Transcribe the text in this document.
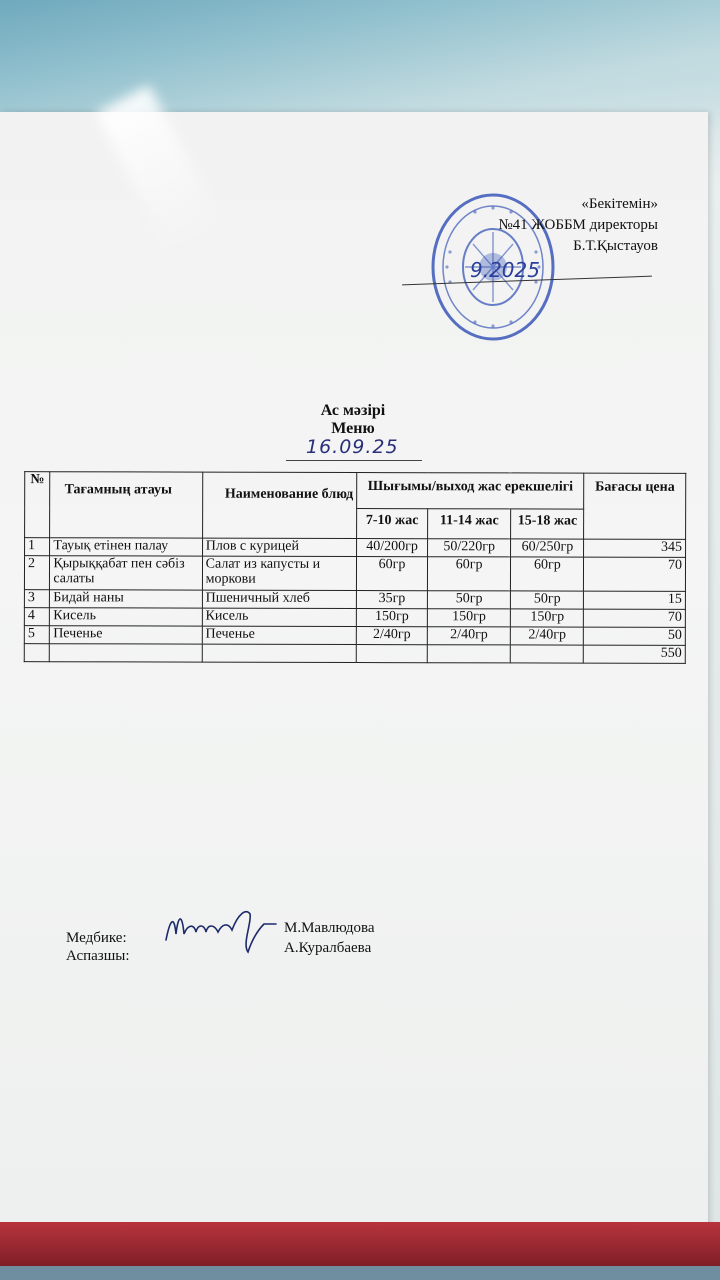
«Бекітемін»
№41 ЖОББМ директоры
Б.Т.Қыстауов
9.2025
Ас мәзірі
Меню
16.09.25
№	Тағамның атауы	Наименование блюд	Шығымы/выход жас ерекшелігі			Бағасы цена
			7-10 жас	11-14 жас	15-18 жас	
1	Тауық етінен палау	Плов с курицей	40/200гр	50/220гр	60/250гр	345
2	Қырыққабат пен сәбіз салаты	Салат из капусты и моркови	60гр	60гр	60гр	70
3	Бидай наны	Пшеничный хлеб	35гр	50гр	50гр	15
4	Кисель	Кисель	150гр	150гр	150гр	70
5	Печенье	Печенье	2/40гр	2/40гр	2/40гр	50
						550
Медбике:
Аспазшы:
М.Мавлюдова
А.Куралбаева
